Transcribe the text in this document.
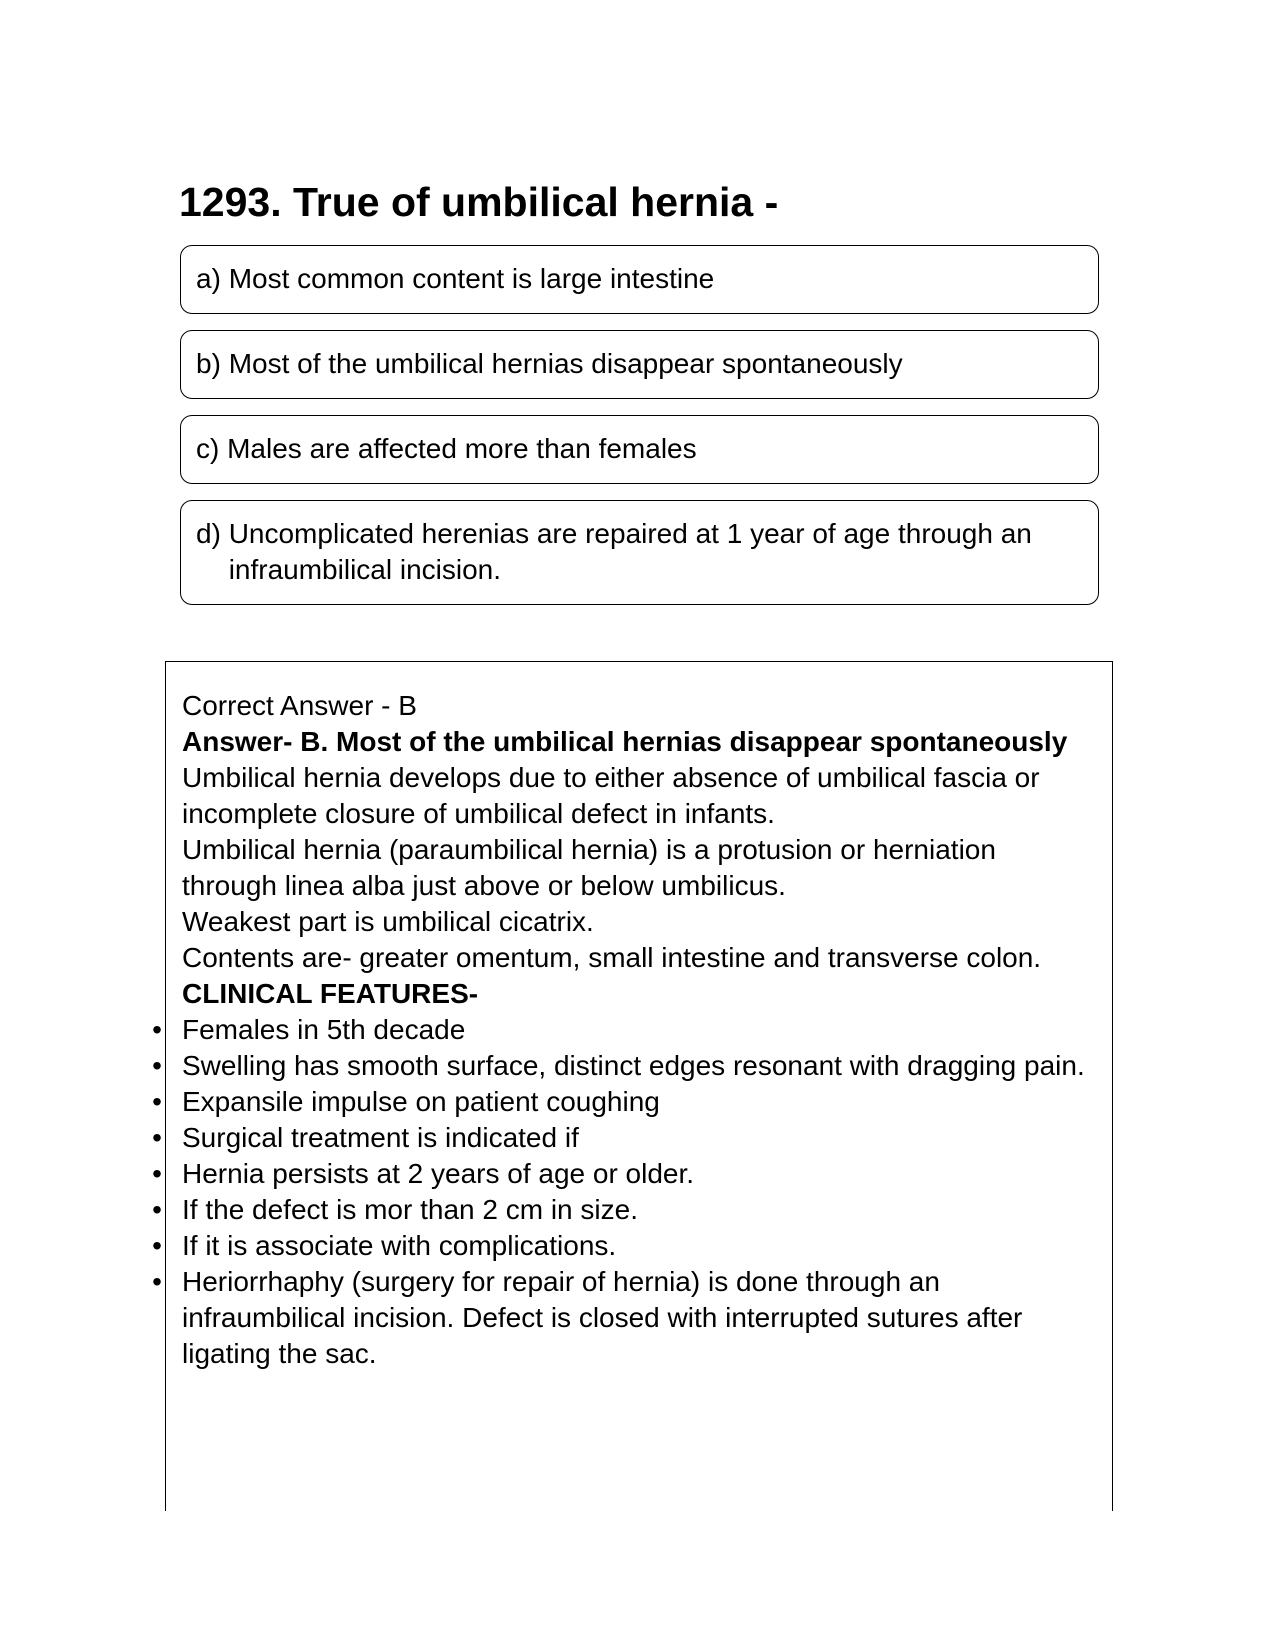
1293. True of umbilical hernia -
a) Most common content is large intestine
b) Most of the umbilical hernias disappear spontaneously
c) Males are affected more than females
d) Uncomplicated herenias are repaired at 1 year of age through an infraumbilical incision.

Correct Answer - B

Answer- B. Most of the umbilical hernias disappear spontaneously

Umbilical hernia develops due to either absence of umbilical fascia or incomplete closure of umbilical defect in infants.

Umbilical hernia (paraumbilical hernia) is a protusion or herniation through linea alba just above or below umbilicus.

Weakest part is umbilical cicatrix.

Contents are- greater omentum, small intestine and transverse colon.

CLINICAL FEATURES-

• Females in 5th decade
• Swelling has smooth surface, distinct edges resonant with dragging pain.
• Expansile impulse on patient coughing
• Surgical treatment is indicated if
• Hernia persists at 2 years of age or older.
• If the defect is mor than 2 cm in size.
• If it is associate with complications.
• Heriorrhaphy (surgery for repair of hernia) is done through an infraumbilical incision. Defect is closed with interrupted sutures after ligating the sac.
